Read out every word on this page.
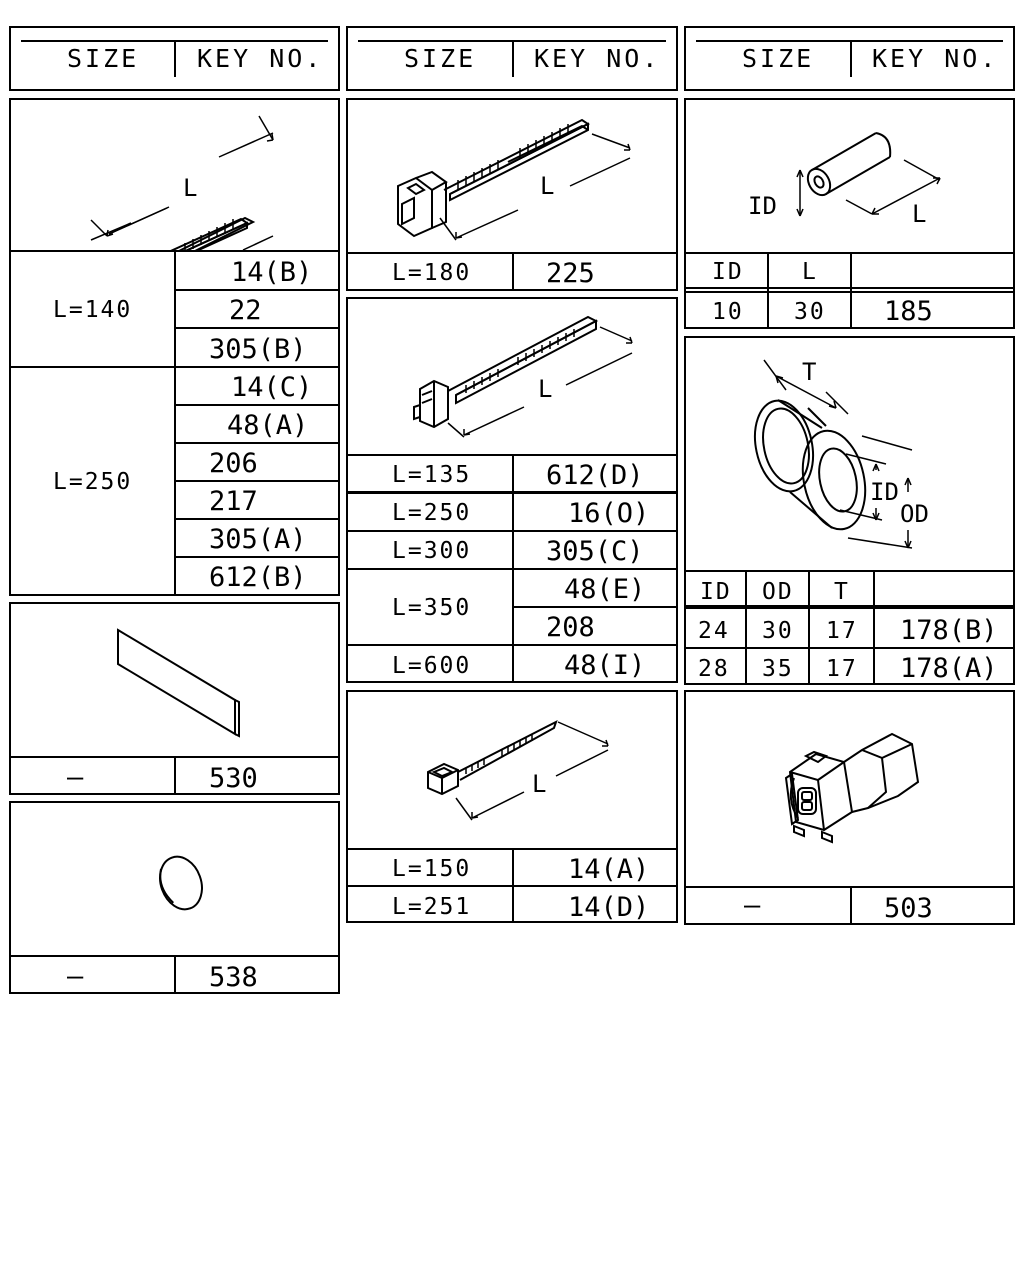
SIZE KEY NO.	SIZE KEY NO.	SIZE KEY NO.
L
L=140
14(B)
22
305(B)
L=250
14(C)
48(A)
206
217
305(A)
612(B)
—	530
—	538
L
L=180	225
L
L=135	612(D)
L=250	16(O)
L=300	305(C)
L=350
48(E)
208
L=600	48(I)
L
L=150	14(A)
L=251	14(D)
ID	L
ID	L
10 30 185
T
ID
OD
ID OD T
24 30 17 178(B)
28 35 17 178(A)
—	503
